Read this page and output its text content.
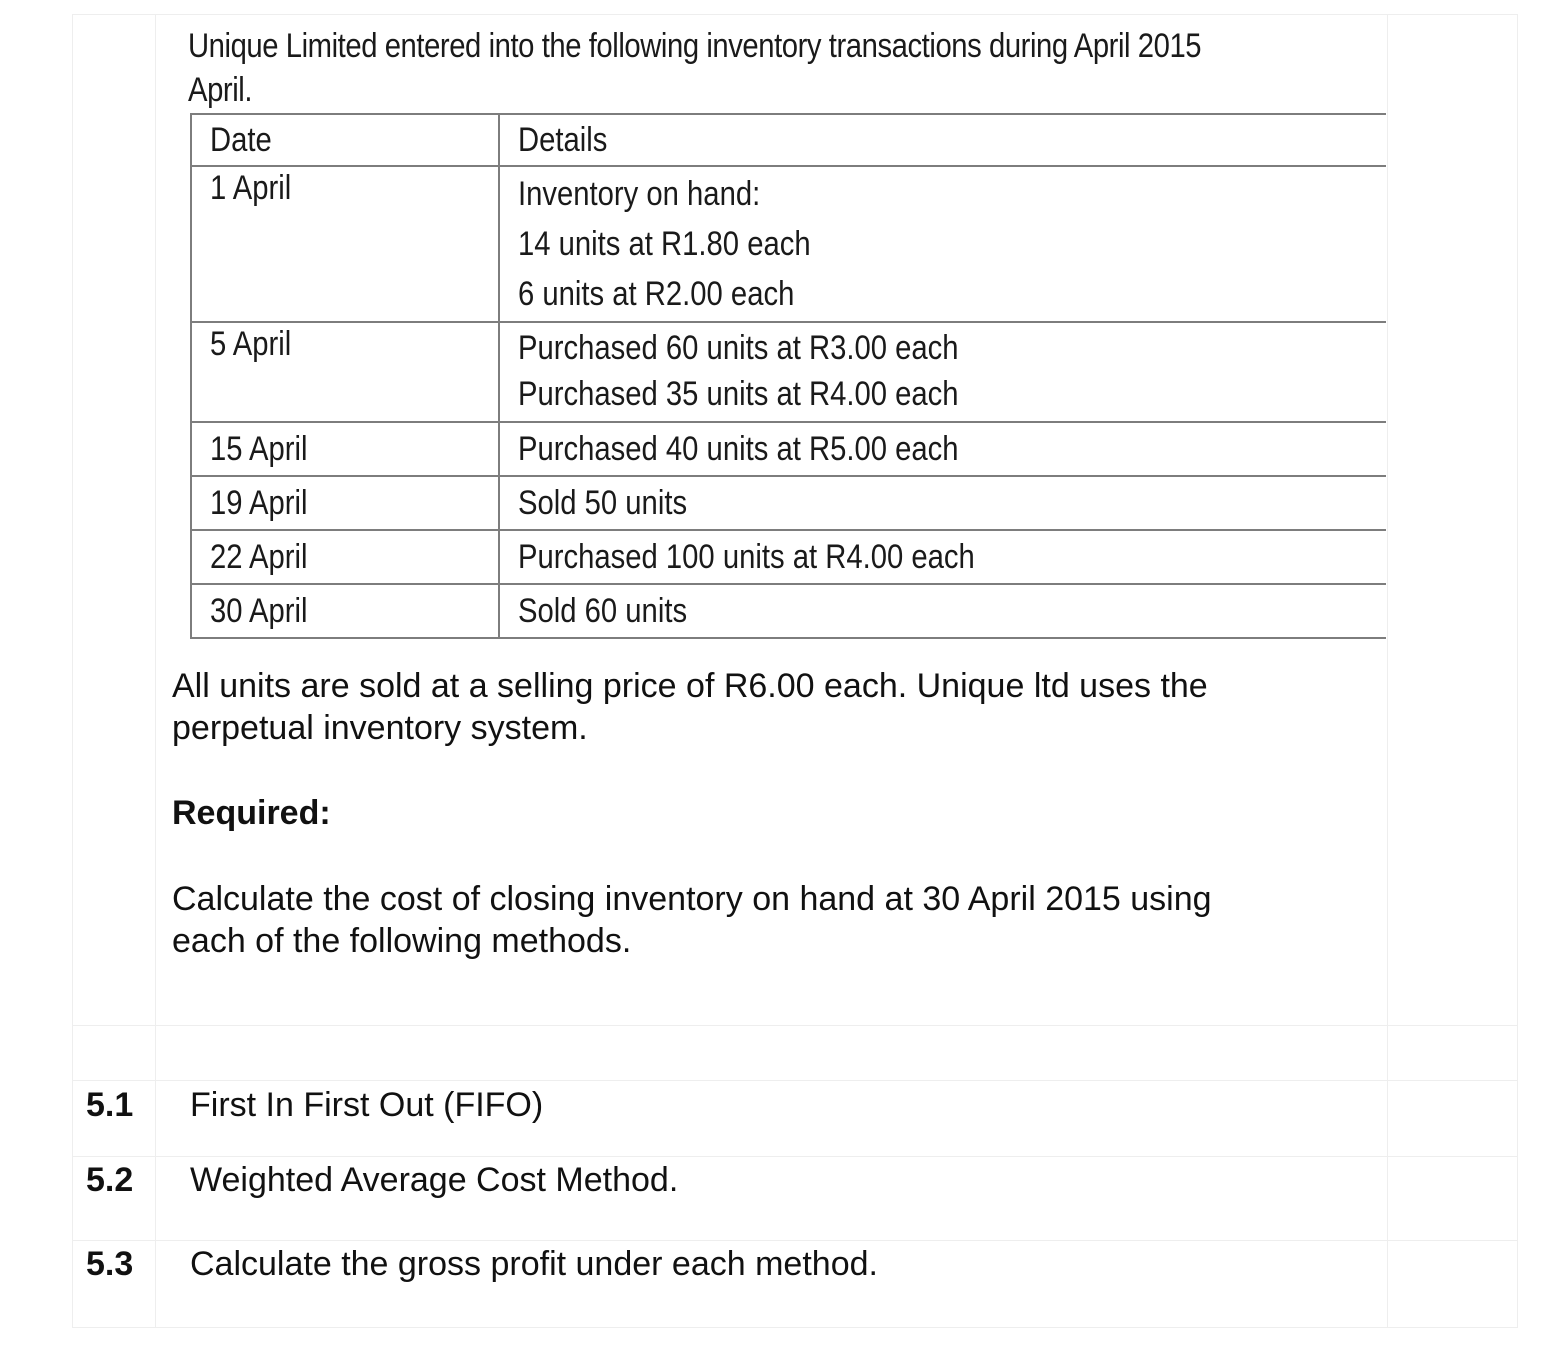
Unique Limited entered into the following inventory transactions during April 2015
April.
Date	Details
1 April	Inventory on hand:
14 units at R1.80 each
6 units at R2.00 each

5 April	Purchased 60 units at R3.00 each
Purchased 35 units at R4.00 each

15 April	Purchased 40 units at R5.00 each
19 April	Sold 50 units
22 April	Purchased 100 units at R4.00 each
30 April	Sold 60 units
All units are sold at a selling price of R6.00 each. Unique ltd uses the
perpetual inventory system.
Required:
Calculate the cost of closing inventory on hand at 30 April 2015 using
each of the following methods.
5.1 First In First Out (FIFO)
5.2 Weighted Average Cost Method.
5.3 Calculate the gross profit under each method.
